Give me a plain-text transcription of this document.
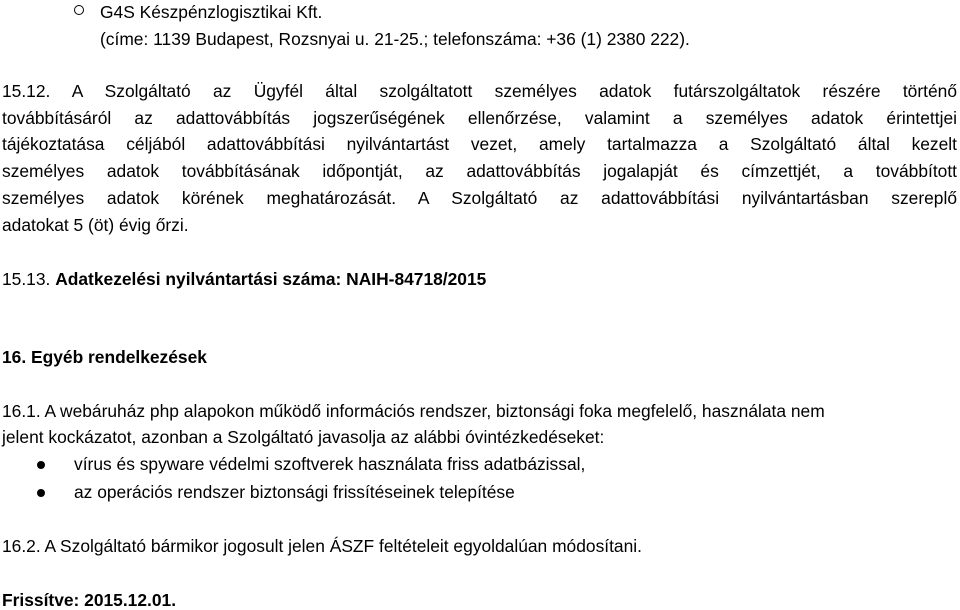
G4S Készpénzlogisztikai Kft.
(címe: 1139 Budapest, Rozsnyai u. 21-25.; telefonszáma: +36 (1) 2380 222).
15.12. A Szolgáltató az Ügyfél által szolgáltatott személyes adatok futárszolgáltatok részére történő
továbbításáról az adattovábbítás jogszerűségének ellenőrzése, valamint a személyes adatok érintettjei
tájékoztatása céljából adattovábbítási nyilvántartást vezet, amely tartalmazza a Szolgáltató által kezelt
személyes adatok továbbításának időpontját, az adattovábbítás jogalapját és címzettjét, a továbbított
személyes adatok körének meghatározását. A Szolgáltató az adattovábbítási nyilvántartásban szereplő
adatokat 5 (öt) évig őrzi.
15.13. Adatkezelési nyilvántartási száma: NAIH-84718/2015
16. Egyéb rendelkezések
16.1. A webáruház php alapokon működő információs rendszer, biztonsági foka megfelelő, használata nem
jelent kockázatot, azonban a Szolgáltató javasolja az alábbi óvintézkedéseket:
vírus és spyware védelmi szoftverek használata friss adatbázissal,
az operációs rendszer biztonsági frissítéseinek telepítése
16.2. A Szolgáltató bármikor jogosult jelen ÁSZF feltételeit egyoldalúan módosítani.
Frissítve: 2015.12.01.
